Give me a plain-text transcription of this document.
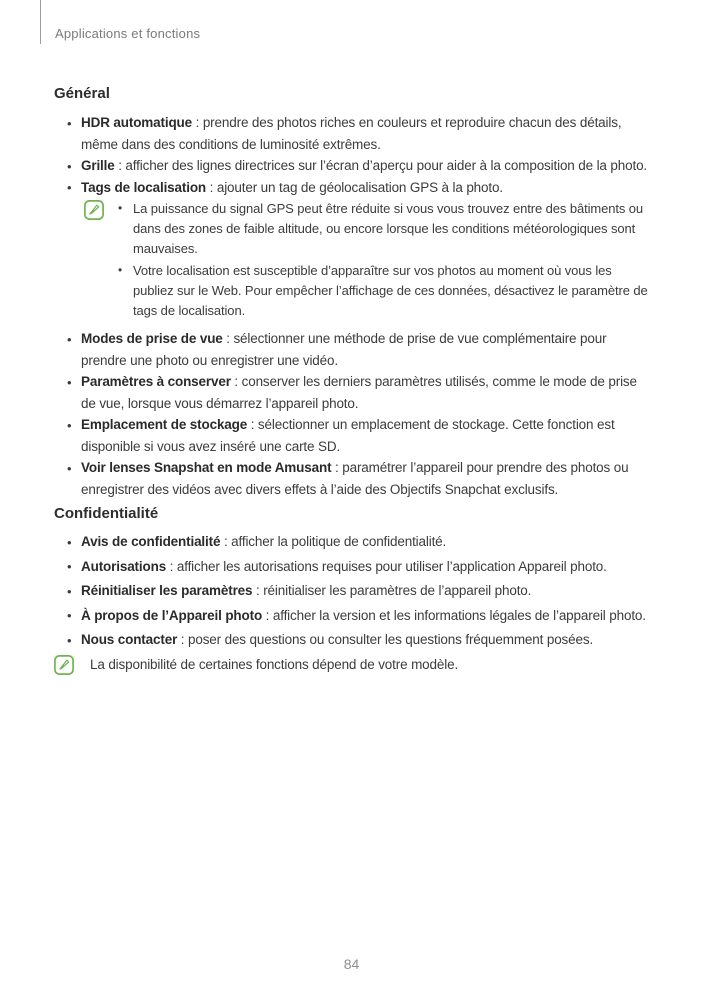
Applications et fonctions
Général
• HDR automatique : prendre des photos riches en couleurs et reproduire chacun des détails, même dans des conditions de luminosité extrêmes.
• Grille : afficher des lignes directrices sur l’écran d’aperçu pour aider à la composition de la photo.
• Tags de localisation : ajouter un tag de géolocalisation GPS à la photo.
• La puissance du signal GPS peut être réduite si vous vous trouvez entre des bâtiments ou dans des zones de faible altitude, ou encore lorsque les conditions météorologiques sont mauvaises.
• Votre localisation est susceptible d’apparaître sur vos photos au moment où vous les publiez sur le Web. Pour empêcher l’affichage de ces données, désactivez le paramètre de tags de localisation.
• Modes de prise de vue : sélectionner une méthode de prise de vue complémentaire pour prendre une photo ou enregistrer une vidéo.
• Paramètres à conserver : conserver les derniers paramètres utilisés, comme le mode de prise de vue, lorsque vous démarrez l’appareil photo.
• Emplacement de stockage : sélectionner un emplacement de stockage. Cette fonction est disponible si vous avez inséré une carte SD.
• Voir lenses Snapshat en mode Amusant : paramétrer l’appareil pour prendre des photos ou enregistrer des vidéos avec divers effets à l’aide des Objectifs Snapchat exclusifs.
Confidentialité
• Avis de confidentialité : afficher la politique de confidentialité.
• Autorisations : afficher les autorisations requises pour utiliser l’application Appareil photo.
• Réinitialiser les paramètres : réinitialiser les paramètres de l’appareil photo.
• À propos de l’Appareil photo : afficher la version et les informations légales de l’appareil photo.
• Nous contacter : poser des questions ou consulter les questions fréquemment posées.

La disponibilité de certaines fonctions dépend de votre modèle.

84
